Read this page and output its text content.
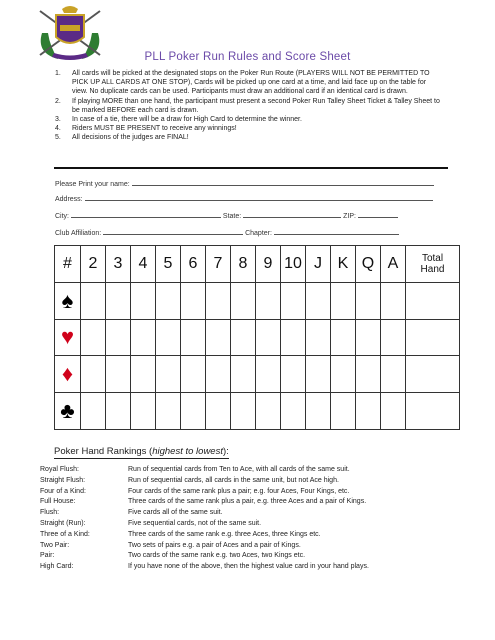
PLL Poker Run Rules and Score Sheet
1.	All cards will be picked at the designated stops on the Poker Run Route (PLAYERS WILL NOT BE PERMITTED TO PICK UP ALL CARDS AT ONE STOP), Cards will be picked up one card at a time, and laid face up on the table for view. No duplicate cards can be used. Participants must draw an additional card if an identical card is drawn.
2.	If playing MORE than one hand, the participant must present a second Poker Run Talley Sheet Ticket & Talley Sheet to be marked BEFORE each card is drawn.
3.	In case of a tie, there will be a draw for High Card to determine the winner.
4.	Riders MUST BE PRESENT to receive any winnings!
5.	All decisions of the judges are FINAL!
Please Print your name:
Address:
City:	State:	ZIP:
Club Affiliation:	Chapter:
#	2	3	4	5	6	7	8	9	10	J	K	Q	A	Total
Hand
♠														
♥														
♦														
♣														
Poker Hand Rankings (highest to lowest):
Royal Flush:	Run of sequential cards from Ten to Ace, with all cards of the same suit.
Straight Flush:	Run of sequential cards, all cards in the same unit, but not Ace high.
Four of a Kind:	Four cards of the same rank plus a pair; e.g. four Aces, Four Kings, etc.
Full House:	Three cards of the same rank plus a pair, e.g. three Aces and a pair of Kings.
Flush:	Five cards all of the same suit.
Straight (Run):	Five sequential cards, not of the same suit.
Three of a Kind:	Three cards of the same rank e.g. three Aces, three Kings etc.
Two Pair:	Two sets of pairs e.g. a pair of Aces and a pair of Kings.
Pair:	Two cards of the same rank e.g. two Aces, two Kings etc.
High Card:	If you have none of the above, then the highest value card in your hand plays.
